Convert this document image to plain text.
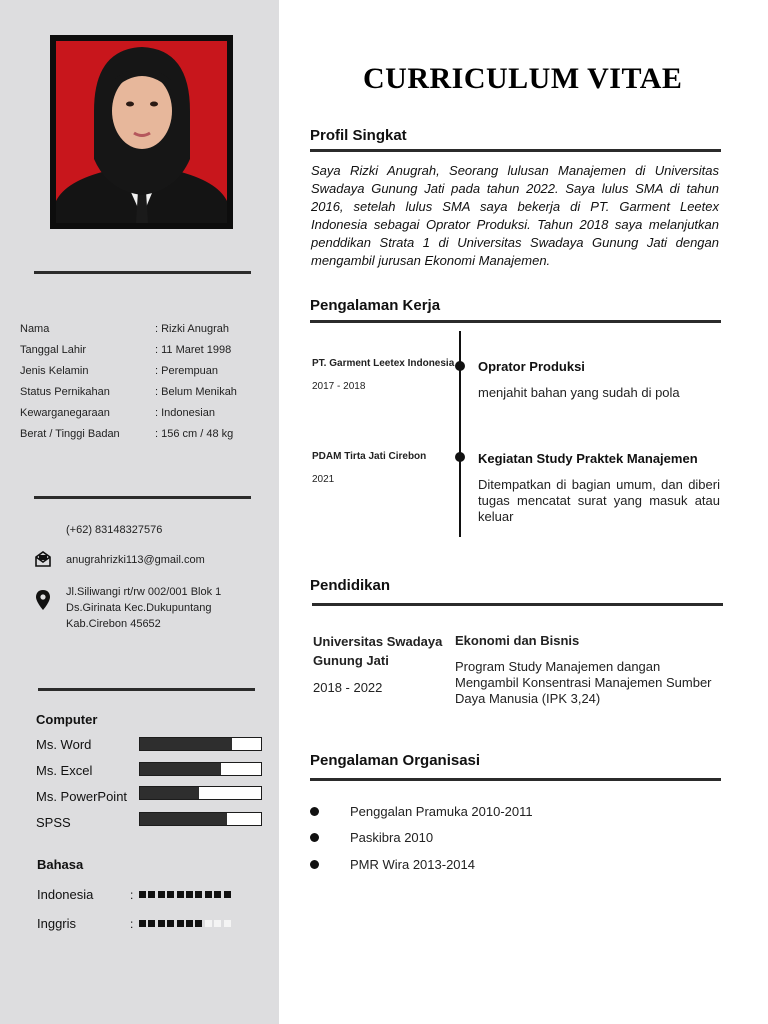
Nama	: Rizki Anugrah
Tanggal Lahir	: 11 Maret 1998
Jenis Kelamin	: Perempuan
Status Pernikahan	: Belum Menikah
Kewarganegaraan	: Indonesian
Berat / Tinggi Badan	: 156 cm / 48 kg
(+62) 83148327576
anugrahrizki113@gmail.com
Jl.Siliwangi rt/rw 002/001 Blok 1
Ds.Girinata Kec.Dukupuntang
Kab.Cirebon 45652
Computer
Ms. Word
Ms. Excel
Ms. PowerPoint
SPSS
Bahasa
Indonesia	:
Inggris	:
CURRICULUM VITAE
Profil Singkat
Saya Rizki Anugrah, Seorang lulusan Manajemen di Universitas Swadaya Gunung Jati pada tahun 2022. Saya lulus SMA di tahun 2016, setelah lulus SMA saya bekerja di PT. Garment Leetex Indonesia sebagai Oprator Produksi. Tahun 2018 saya melanjutkan penddikan Strata 1 di Universitas Swadaya Gunung Jati dengan mengambil jurusan Ekonomi Manajemen.
Pengalaman Kerja
PT. Garment Leetex Indonesia
2017 - 2018
Oprator Produksi
menjahit bahan yang sudah di pola
PDAM Tirta Jati Cirebon
2021
Kegiatan Study Praktek Manajemen
Ditempatkan di bagian umum, dan diberi tugas mencatat surat yang masuk atau keluar
Pendidikan
Universitas Swadaya Gunung Jati
2018 - 2022
Ekonomi dan Bisnis
Program Study Manajemen dangan Mengambil Konsentrasi Manajemen Sumber Daya Manusia (IPK 3,24)
Pengalaman Organisasi
Penggalan Pramuka 2010-2011
Paskibra 2010
PMR Wira 2013-2014
